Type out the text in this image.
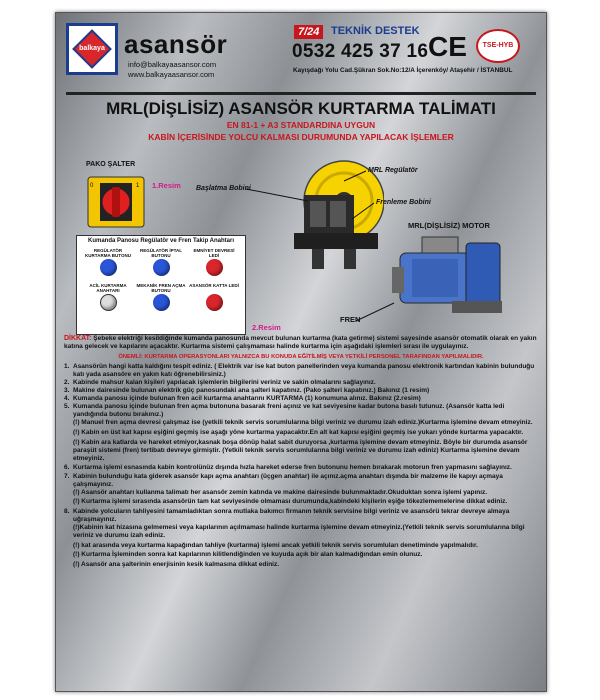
balkaya asansör
info@balkayaasansor.com
www.balkayaasansor.com
7/24	TEKNİK DESTEK
0532 425 37 16
Kayışdağı Yolu Cad.Şükran Sok.No:12/A İçerenköy/ Ataşehir / İSTANBUL
CE	TSE-HYB
MRL(DİŞLİSİZ) ASANSÖR KURTARMA TALİMATI
EN 81-1 + A3 STANDARDINA UYGUN
KABİN İÇERİSİNDE YOLCU KALMASI DURUMUNDA YAPILACAK İŞLEMLER
PAKO ŞALTER
0	1 1.Resim
MRL Regülatör
Başlatma Bobini
Frenleme Bobini
MRL(DİŞLİSİZ) MOTOR
FREN
Kumanda Panosu Regülatör ve Fren Takip Anahtarı
REGÜLATÖR KURTARMA BUTONU
REGÜLATÖR İPTAL BUTONU
EMNİYET DEVRESİ LEDİ
ACİL KURTARMA ANAHTARI
MEKANİK FREN AÇMA BUTONU
ASANSÖR KATTA LEDİ
2.Resim

DİKKAT: Şebeke elektriği kesildiğinde kumanda panosunda mevcut bulunan kurtarma (kata getirme) sistemi sayesinde asansör otomatik olarak en yakın katına gelecek ve kapılarını açacaktır. Kurtarma sistemi çalışmaması halinde kurtarma için aşağıdaki işlemleri sırası ile uygulayınız.

ÖNEMLİ: KURTARMA OPERASYONLARI YALNIZCA BU KONUDA EĞİTİLMİŞ VEYA YETKİLİ PERSONEL TARAFINDAN YAPILMALIDIR.
1. Asansörün hangi katta kaldığını tespit ediniz. ( Elektrik var ise kat buton panellerinden veya kumanda panosu elektronik kartından kabinin bulunduğu katı yada asansöre en yakın katı öğrenebilirsiniz.)
2. Kabinde mahsur kalan kişileri yapılacak işlemlerin bilgilerini veriniz ve sakin olmalarını sağlayınız.
3. Makine dairesinde bulunan elektrik güç panosundaki ana şalteri kapatınız. (Pako şalteri kapatınız.) Bakınız (1 resim)
4. Kumanda panosu içinde bulunan fren acil kurtarma anahtarını KURTARMA (1) konumuna alınız. Bakınız (2.resim)
5. Kumanda panosu içinde bulunan fren açma butonuna basarak freni açınız ve kat seviyesine kadar butona basılı tutunuz. (Asansör katta ledi yandığında butonu bırakınız.)

(!) Manuel fren açma devresi çalışmaz ise (yetkili teknik servis sorumlularına bilgi veriniz ve durumu izah ediniz.)Kurtarma işlemine devam etmeyiniz.

(!) Kabin en üst kat kapısı eşiğini geçmiş ise aşağı yöne kurtarma yapacaktır.En alt kat kapısı eşiğini geçmiş ise yukarı yönde kurtarma yapacaktır.

(!) Kabin ara katlarda ve hareket etmiyor,kasnak boşa dönüp halat sabit duruyorsa ,kurtarma işlemine devam etmeyiniz. Böyle bir durumda asansör paraşüt sistemi (fren) tertibatı devreye girmiştir. (Yetkili teknik servis sorumlularına bilgi veriniz ve durumu izah ediniz) Kurtarma işlemine devam etmeyiniz.

6. Kurtarma işlemi esnasında kabin kontrolünüz dışında hızla hareket ederse fren butonunu hemen bırakarak motorun fren yapmasını sağlayınız.
7. Kabinin bulunduğu kata giderek asansör kapı açma anahtarı (üçgen anahtar) ile açınız.açma anahtarı dışında bir malzeme ile kapıyı açmaya çalışmayınız.

(!) Asansör anahtarı kullanma talimatı her asansör zemin katında ve makine dairesinde bulunmaktadır.Okuduktan sonra işlemi yapınız.

(!) Kurtarma işlemi sırasında asansörün tam kat seviyesinde olmaması durumunda,kabindeki kişilerin eşiğe tökezlememelerine dikkat ediniz.

8. Kabinde yolcuların tahliyesini tamamladıktan sonra mutlaka bakımcı firmanın teknik servisine bilgi veriniz ve asansörü tekrar devreye almaya uğraşmayınız.

(!)Kabinin kat hizasına gelmemesi veya kapılarının açılmaması halinde kurtarma işlemine devam etmeyiniz.(Yetkili teknik servis sorumlularına bilgi veriniz ve durumu izah ediniz.

(!) kat arasında veya kurtarma kapağından tahliye (kurtarma) işlemi ancak yetkili teknik servis sorumluları denetiminde yapılmalıdır.

(!) Kurtarma İşleminden sonra kat kapılarının kilitlendiğinden ve kuyuda açık bir alan kalmadığından emin olunuz.

(!) Asansör ana şalterinin enerjisinin kesik kalmasına dikkat ediniz.
